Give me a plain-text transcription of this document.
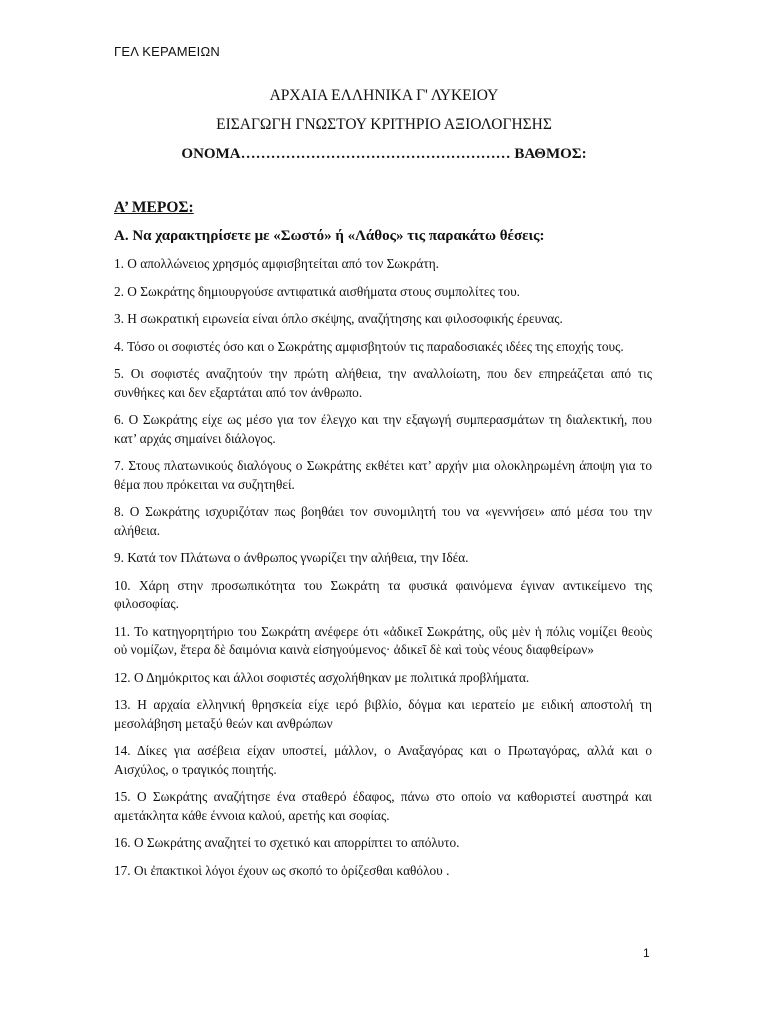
ΓΕΛ ΚΕΡΑΜΕΙΩΝ
ΑΡΧΑΙΑ ΕΛΛΗΝΙΚΑ Γ' ΛΥΚΕΙΟΥ
ΕΙΣΑΓΩΓΗ ΓΝΩΣΤΟΥ ΚΡΙΤΗΡΙΟ ΑΞΙΟΛΟΓΗΣΗΣ
ΟΝΟΜΑ……………………………………………… ΒΑΘΜΟΣ:
Α’ ΜΕΡΟΣ:
Α. Να χαρακτηρίσετε με «Σωστό» ή «Λάθος» τις παρακάτω θέσεις:
1. Ο απολλώνειος χρησμός αμφισβητείται από τον Σωκράτη.
2. Ο Σωκράτης δημιουργούσε αντιφατικά αισθήματα στους συμπολίτες του.
3. Η σωκρατική ειρωνεία είναι όπλο σκέψης, αναζήτησης και φιλοσοφικής έρευνας.
4. Τόσο οι σοφιστές όσο και ο Σωκράτης αμφισβητούν τις παραδοσιακές ιδέες της εποχής τους.
5. Οι σοφιστές αναζητούν την πρώτη αλήθεια, την αναλλοίωτη, που δεν επηρεάζεται από τις συνθήκες και δεν εξαρτάται από τον άνθρωπο.
6. Ο Σωκράτης είχε ως μέσο για τον έλεγχο και την εξαγωγή συμπερασμάτων τη διαλεκτική, που κατ’ αρχάς σημαίνει διάλογος.
7. Στους πλατωνικούς διαλόγους ο Σωκράτης εκθέτει κατ’ αρχήν μια ολοκληρωμένη άποψη για το θέμα που πρόκειται να συζητηθεί.
8. Ο Σωκράτης ισχυριζόταν πως βοηθάει τον συνομιλητή του να «γεννήσει» από μέσα του την αλήθεια.
9. Κατά τον Πλάτωνα ο άνθρωπος γνωρίζει την αλήθεια, την Ιδέα.
10. Χάρη στην προσωπικότητα του Σωκράτη τα φυσικά φαινόμενα έγιναν αντικείμενο της φιλοσοφίας.
11. Το κατηγορητήριο του Σωκράτη ανέφερε ότι «ἀδικεῖ Σωκράτης, οὓς μὲν ἡ πόλις νομίζει θεοὺς οὐ νομίζων, ἕτερα δὲ δαιμόνια καινὰ εἰσηγούμενος· ἀδικεῖ δὲ καὶ τοὺς νέους διαφθείρων»
12. Ο Δημόκριτος και άλλοι σοφιστές ασχολήθηκαν με πολιτικά προβλήματα.
13. Η αρχαία ελληνική θρησκεία είχε ιερό βιβλίο, δόγμα και ιερατείο με ειδική αποστολή τη μεσολάβηση μεταξύ θεών και ανθρώπων
14. Δίκες για ασέβεια είχαν υποστεί, μάλλον, ο Αναξαγόρας και ο Πρωταγόρας, αλλά και ο Αισχύλος, ο τραγικός ποιητής.
15. Ο Σωκράτης αναζήτησε ένα σταθερό έδαφος, πάνω στο οποίο να καθοριστεί αυστηρά και αμετάκλητα κάθε έννοια καλού, αρετής και σοφίας.
16. Ο Σωκράτης αναζητεί το σχετικό και απορρίπτει το απόλυτο.
17. Οι ἐπακτικοὶ λόγοι έχουν ως σκοπό το ὁρίζεσθαι καθόλου .
1
